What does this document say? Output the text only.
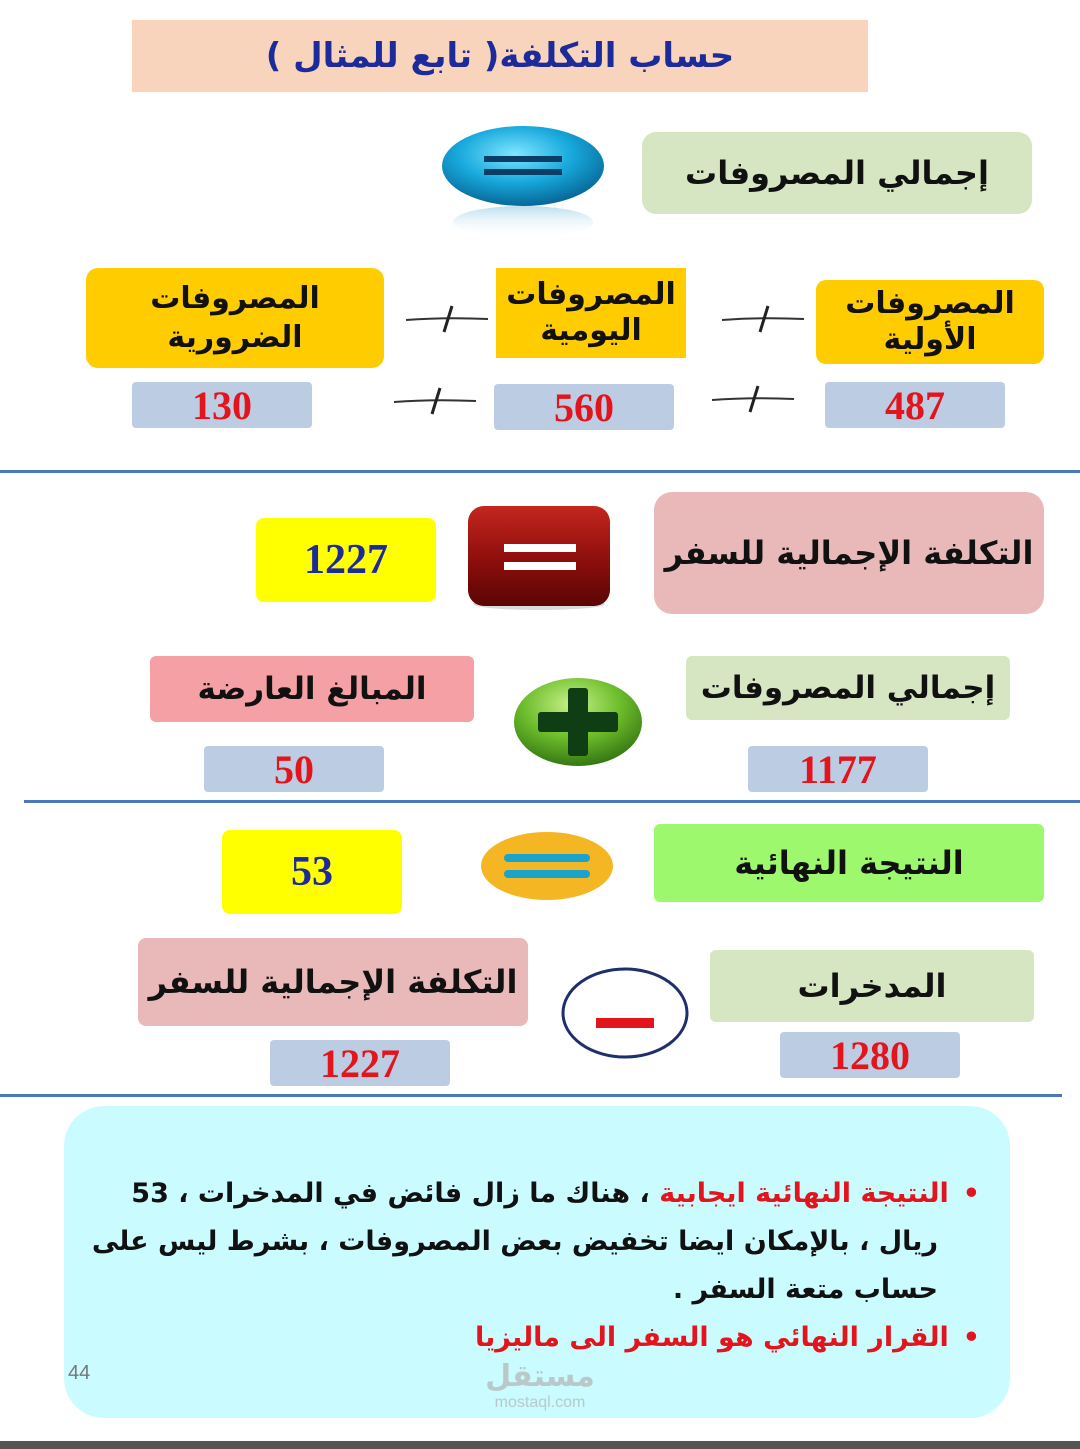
حساب التكلفة( تابع للمثال )
إجمالي المصروفات
المصروفات
الأولية
المصروفات
اليومية
المصروفات
الضرورية
487
560
130
التكلفة الإجمالية للسفر
1227
إجمالي المصروفات
المبالغ العارضة
1177
50
النتيجة النهائية
53
المدخرات
التكلفة الإجمالية للسفر
1280
1227
•النتيجة النهائية ايجابية ، هناك ما زال فائض في المدخرات ، 53
ريال ، بالإمكان ايضا تخفيض بعض المصروفات ، بشرط ليس على
حساب متعة السفر .
•القرار النهائي هو السفر الى ماليزيا
44	مستقل
mostaql.com
